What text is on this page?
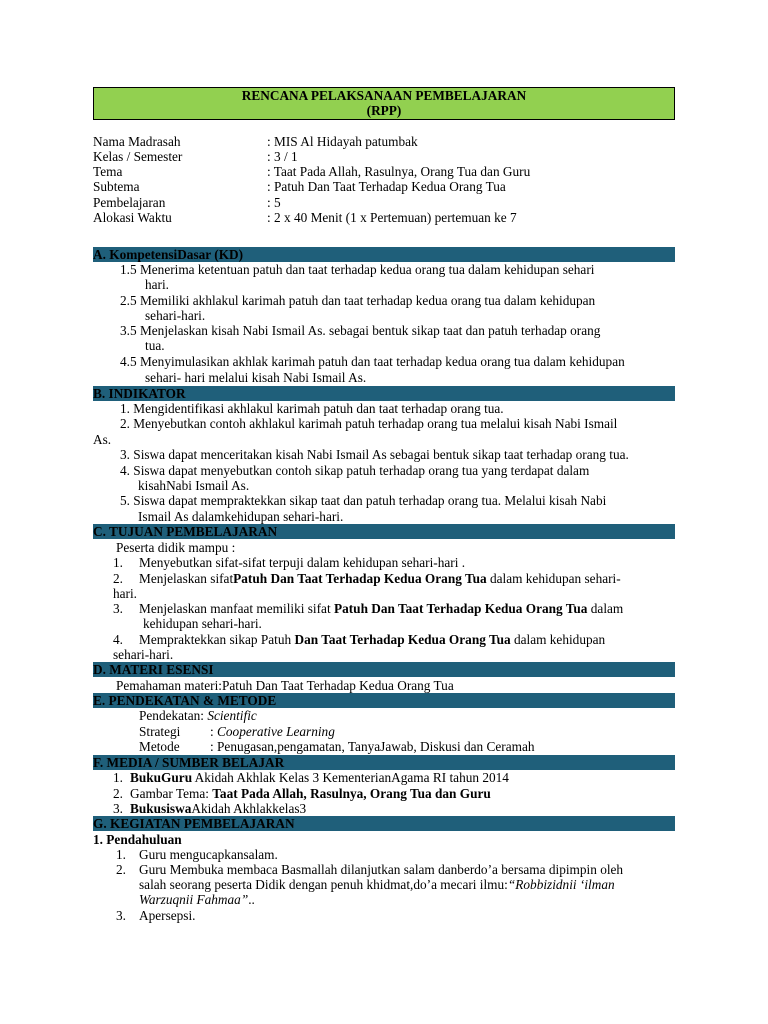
RENCANA PELAKSANAAN PEMBELAJARAN
(RPP)
Nama Madrasah	: MIS Al Hidayah patumbak
Kelas / Semester	: 3 / 1
Tema	: Taat Pada Allah, Rasulnya, Orang Tua dan Guru
Subtema	: Patuh Dan Taat Terhadap Kedua Orang Tua
Pembelajaran	: 5
Alokasi Waktu	: 2 x 40 Menit (1 x Pertemuan) pertemuan ke 7
A. KompetensiDasar (KD)
1.5 Menerima ketentuan patuh dan taat terhadap kedua orang tua dalam kehidupan sehari
hari.
2.5 Memiliki akhlakul karimah patuh dan taat terhadap kedua orang tua dalam kehidupan
sehari-hari.
3.5 Menjelaskan kisah Nabi Ismail As. sebagai bentuk sikap taat dan patuh terhadap orang
tua.
4.5 Menyimulasikan akhlak karimah patuh dan taat terhadap kedua orang tua dalam kehidupan
sehari- hari melalui kisah Nabi Ismail As.
B. INDIKATOR
1. Mengidentifikasi akhlakul karimah patuh dan taat terhadap orang tua.
2. Menyebutkan contoh akhlakul karimah patuh terhadap orang tua melalui kisah Nabi Ismail
As.
3. Siswa dapat menceritakan kisah Nabi Ismail As sebagai bentuk sikap taat terhadap orang tua.
4. Siswa dapat menyebutkan contoh sikap patuh terhadap orang tua yang terdapat dalam
kisahNabi Ismail As.
5. Siswa dapat mempraktekkan sikap taat dan patuh terhadap orang tua. Melalui kisah Nabi
Ismail As dalamkehidupan sehari-hari.
C. TUJUAN PEMBELAJARAN
Peserta didik mampu :
1. Menyebutkan sifat-sifat terpuji dalam kehidupan sehari-hari .
2. Menjelaskan sifatPatuh Dan Taat Terhadap Kedua Orang Tua dalam kehidupan sehari-
hari.
3. Menjelaskan manfaat memiliki sifat Patuh Dan Taat Terhadap Kedua Orang Tua dalam
kehidupan sehari-hari.
4. Mempraktekkan sikap Patuh Dan Taat Terhadap Kedua Orang Tua dalam kehidupan
sehari-hari.
D. MATERI ESENSI
Pemahaman materi:Patuh Dan Taat Terhadap Kedua Orang Tua
E. PENDEKATAN & METODE
Pendekatan: Scientific
Strategi : Cooperative Learning
Metode : Penugasan,pengamatan, TanyaJawab, Diskusi dan Ceramah
F. MEDIA / SUMBER BELAJAR
1. BukuGuru Akidah Akhlak Kelas 3 KementerianAgama RI tahun 2014
2. Gambar Tema: Taat Pada Allah, Rasulnya, Orang Tua dan Guru
3. BukusiswaAkidah Akhlakkelas3
G. KEGIATAN PEMBELAJARAN
1. Pendahuluan
1. Guru mengucapkansalam.
2. Guru Membuka membaca Basmallah dilanjutkan salam danberdo’a bersama dipimpin oleh
salah seorang peserta Didik dengan penuh khidmat,do’a mecari ilmu:“Robbizidnii ‘ilman
Warzuqnii Fahmaa”..
3. Apersepsi.
